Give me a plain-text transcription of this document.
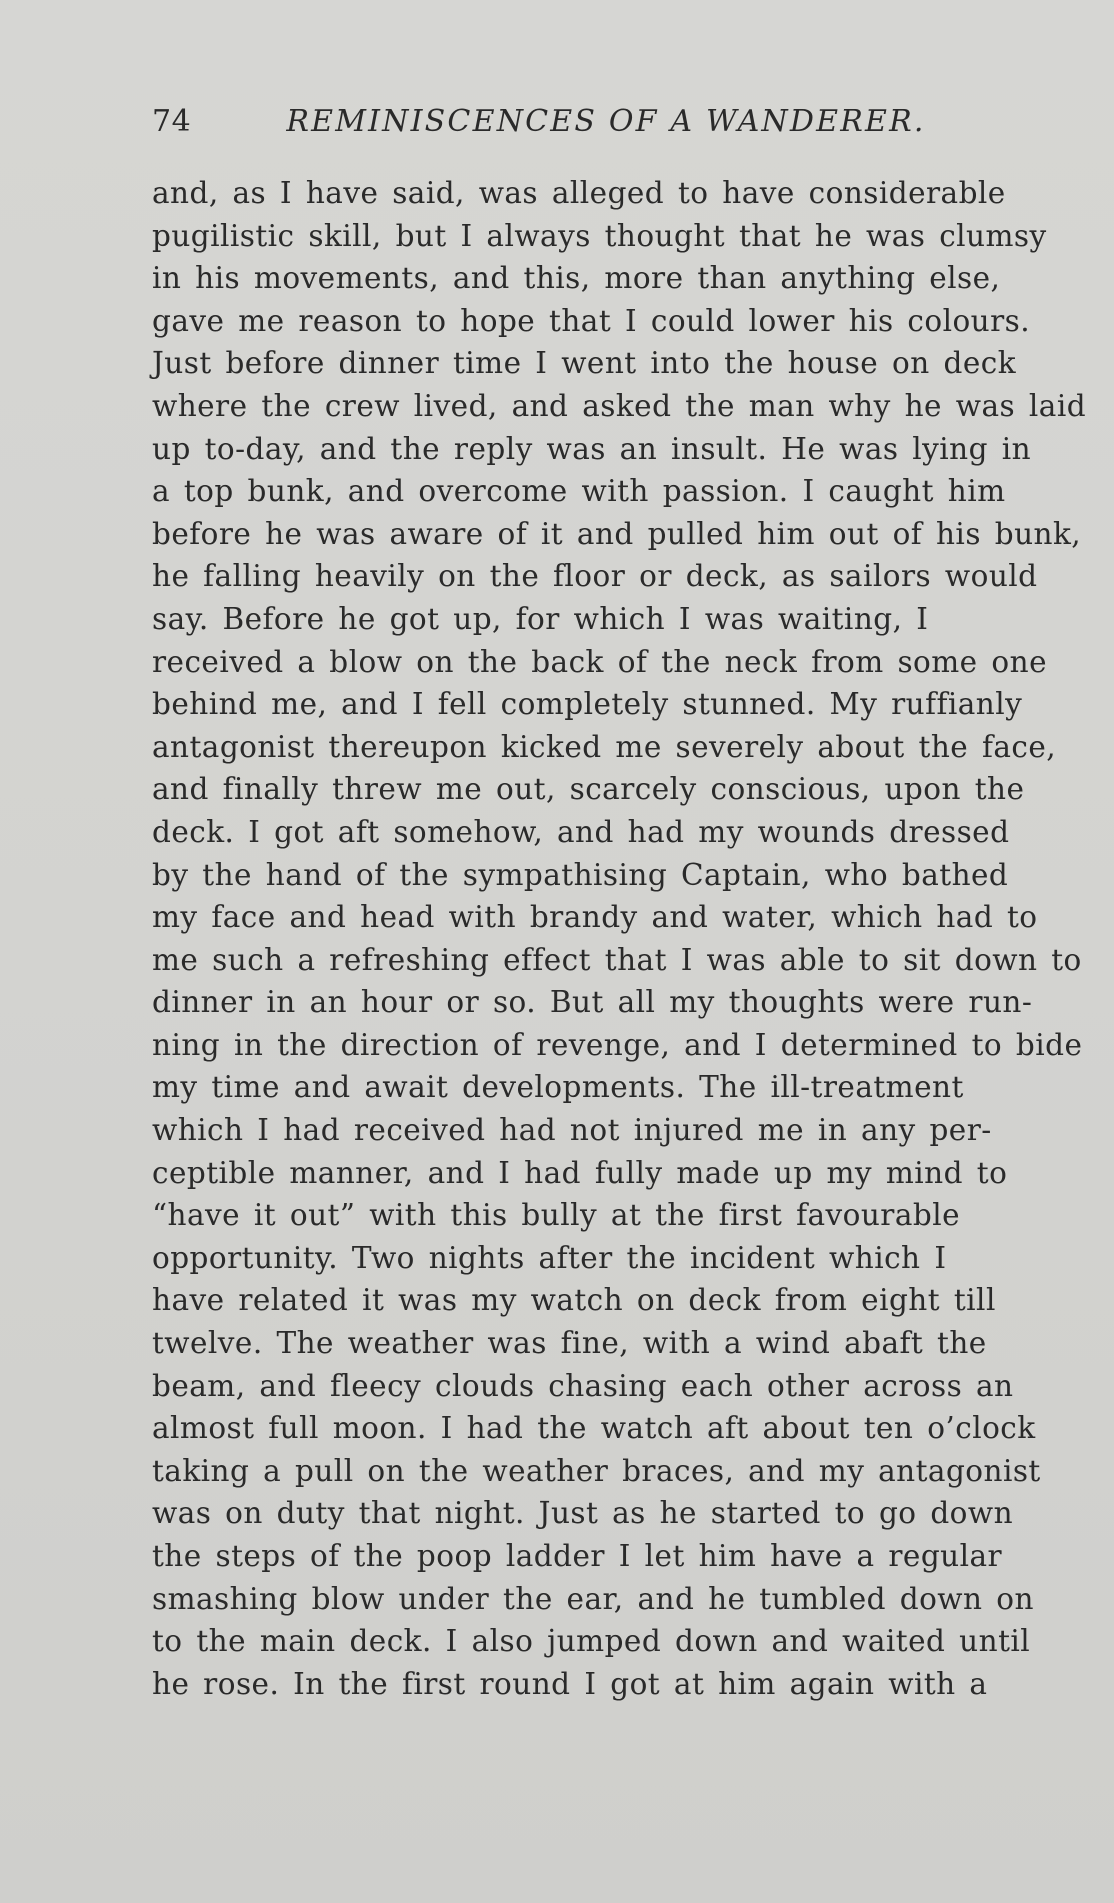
74	REMINISCENCES OF A WANDERER.
and, as I have said, was alleged to have considerable
pugilistic skill, but I always thought that he was clumsy
in his movements, and this, more than anything else,
gave me reason to hope that I could lower his colours.
Just before dinner time I went into the house on deck
where the crew lived, and asked the man why he was laid
up to-day, and the reply was an insult. He was lying in
a top bunk, and overcome with passion. I caught him
before he was aware of it and pulled him out of his bunk,
he falling heavily on the floor or deck, as sailors would
say. Before he got up, for which I was waiting, I
received a blow on the back of the neck from some one
behind me, and I fell completely stunned. My ruffianly
antagonist thereupon kicked me severely about the face,
and finally threw me out, scarcely conscious, upon the
deck. I got aft somehow, and had my wounds dressed
by the hand of the sympathising Captain, who bathed
my face and head with brandy and water, which had to
me such a refreshing effect that I was able to sit down to
dinner in an hour or so. But all my thoughts were run-
ning in the direction of revenge, and I determined to bide
my time and await developments. The ill-treatment
which I had received had not injured me in any per-
ceptible manner, and I had fully made up my mind to
“have it out” with this bully at the first favourable
opportunity. Two nights after the incident which I
have related it was my watch on deck from eight till
twelve. The weather was fine, with a wind abaft the
beam, and fleecy clouds chasing each other across an
almost full moon. I had the watch aft about ten o’clock
taking a pull on the weather braces, and my antagonist
was on duty that night. Just as he started to go down
the steps of the poop ladder I let him have a regular
smashing blow under the ear, and he tumbled down on
to the main deck. I also jumped down and waited until
he rose. In the first round I got at him again with a
